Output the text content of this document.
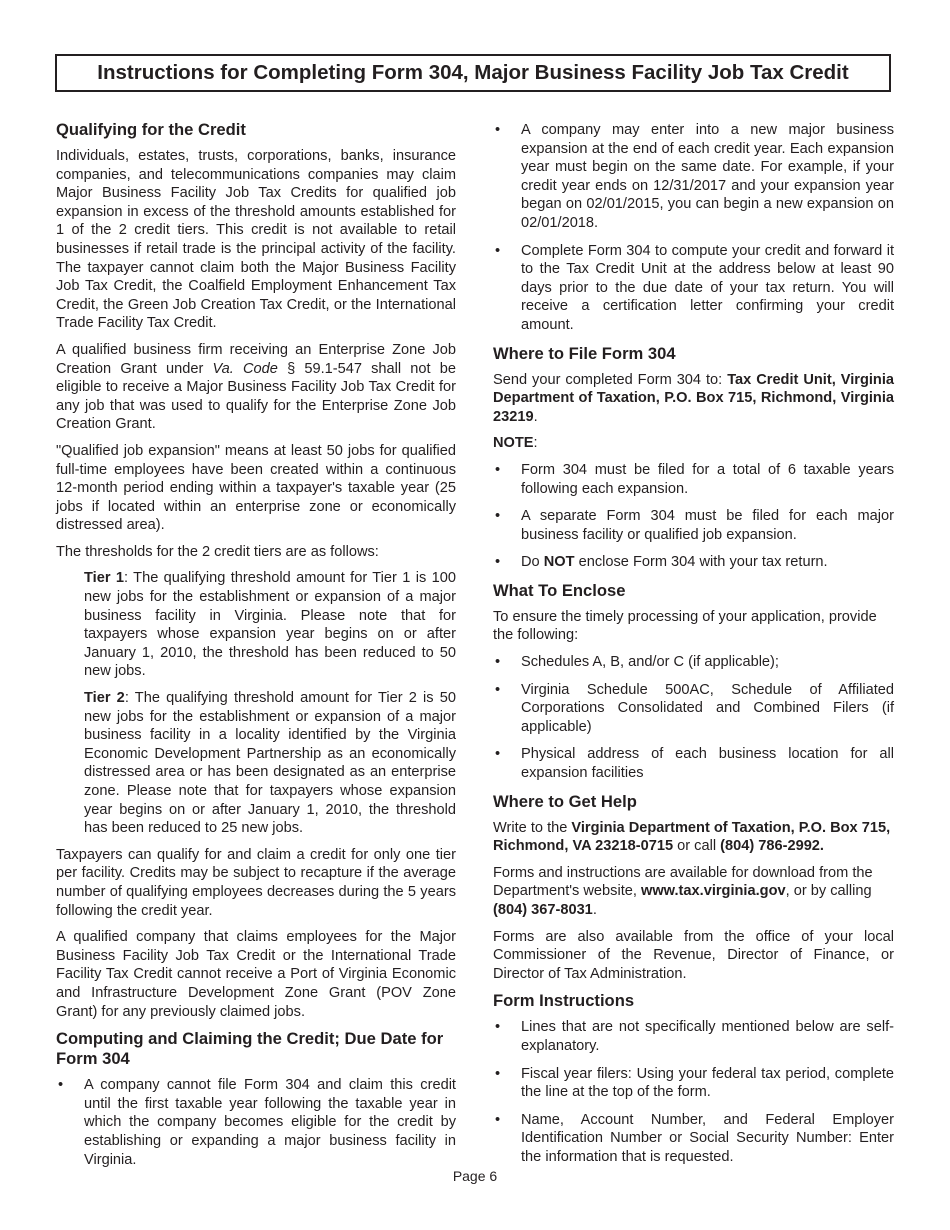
Instructions for Completing Form 304, Major Business Facility Job Tax Credit
Qualifying for the Credit

Individuals, estates, trusts, corporations, banks, insurance companies, and telecommunications companies may claim Major Business Facility Job Tax Credits for qualified job expansion in excess of the threshold amounts established for 1 of the 2 credit tiers. This credit is not available to retail businesses if retail trade is the principal activity of the facility. The taxpayer cannot claim both the Major Business Facility Job Tax Credit, the Coalfield Employment Enhancement Tax Credit, the Green Job Creation Tax Credit, or the International Trade Facility Tax Credit.

A qualified business firm receiving an Enterprise Zone Job Creation Grant under Va. Code § 59.1-547 shall not be eligible to receive a Major Business Facility Job Tax Credit for any job that was used to qualify for the Enterprise Zone Job Creation Grant.

"Qualified job expansion" means at least 50 jobs for qualified full-time employees have been created within a continuous 12-month period ending within a taxpayer's taxable year (25 jobs if located within an enterprise zone or economically distressed area).

The thresholds for the 2 credit tiers are as follows:

Tier 1: The qualifying threshold amount for Tier 1 is 100 new jobs for the establishment or expansion of a major business facility in Virginia. Please note that for taxpayers whose expansion year begins on or after January 1, 2010, the threshold has been reduced to 50 new jobs.

Tier 2: The qualifying threshold amount for Tier 2 is 50 new jobs for the establishment or expansion of a major business facility in a locality identified by the Virginia Economic Development Partnership as an economically distressed area or has been designated as an enterprise zone. Please note that for taxpayers whose expansion year begins on or after January 1, 2010, the threshold has been reduced to 25 new jobs.

Taxpayers can qualify for and claim a credit for only one tier per facility. Credits may be subject to recapture if the average number of qualifying employees decreases during the 5 years following the credit year.

A qualified company that claims employees for the Major Business Facility Job Tax Credit or the International Trade Facility Tax Credit cannot receive a Port of Virginia Economic and Infrastructure Development Zone Grant (POV Zone Grant) for any previously claimed jobs.

Computing and Claiming the Credit; Due Date for Form 304
• A company cannot file Form 304 and claim this credit until the first taxable year following the taxable year in which the company becomes eligible for the credit by establishing or expanding a major business facility in Virginia.
• A company may enter into a new major business expansion at the end of each credit year. Each expansion year must begin on the same date. For example, if your credit year ends on 12/31/2017 and your expansion year began on 02/01/2015, you can begin a new expansion on 02/01/2018.
• Complete Form 304 to compute your credit and forward it to the Tax Credit Unit at the address below at least 90 days prior to the due date of your tax return. You will receive a certification letter confirming your credit amount.
Where to File Form 304

Send your completed Form 304 to: Tax Credit Unit, Virginia Department of Taxation, P.O. Box 715, Richmond, Virginia 23219.

NOTE:

• Form 304 must be filed for a total of 6 taxable years following each expansion.
• A separate Form 304 must be filed for each major business facility or qualified job expansion.
• Do NOT enclose Form 304 with your tax return.
What To Enclose

To ensure the timely processing of your application, provide the following:

• Schedules A, B, and/or C (if applicable);
• Virginia Schedule 500AC, Schedule of Affiliated Corporations Consolidated and Combined Filers (if applicable)
• Physical address of each business location for all expansion facilities
Where to Get Help

Write to the Virginia Department of Taxation, P.O. Box 715, Richmond, VA 23218-0715 or call (804) 786-2992.

Forms and instructions are available for download from the Department's website, www.tax.virginia.gov, or by calling (804) 367-8031.

Forms are also available from the office of your local Commissioner of the Revenue, Director of Finance, or Director of Tax Administration.

Form Instructions
• Lines that are not specifically mentioned below are self-explanatory.
• Fiscal year filers: Using your federal tax period, complete the line at the top of the form.
• Name, Account Number, and Federal Employer Identification Number or Social Security Number: Enter the information that is requested.
Page 6
